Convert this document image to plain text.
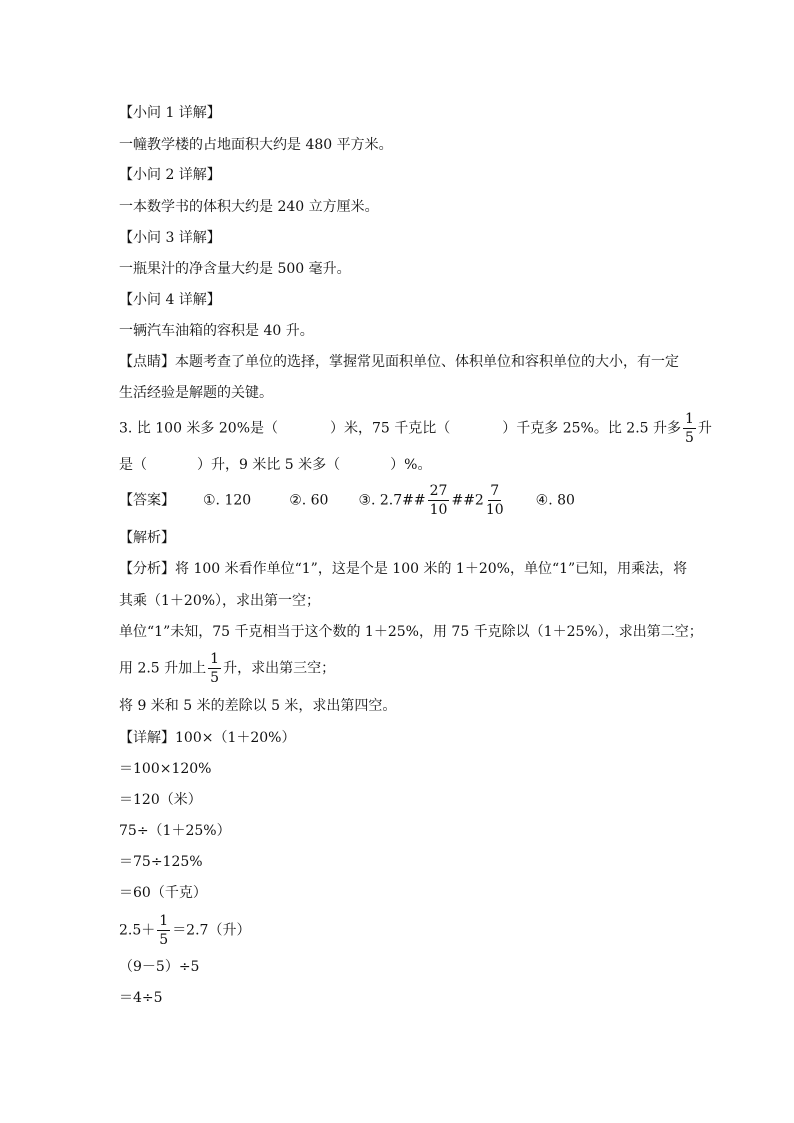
【小问 1 详解】
一幢教学楼的占地面积大约是 480 平方米。
【小问 2 详解】
一本数学书的体积大约是 240 立方厘米。
【小问 3 详解】
一瓶果汁的净含量大约是 500 毫升。
【小问 4 详解】
一辆汽车油箱的容积是 40 升。
【点睛】本题考查了单位的选择，掌握常见面积单位、体积单位和容积单位的大小，有一定
生活经验是解题的关键。
3. 比 100 米多 20%是（	）米，75 千克比（	）千克多 25%。比 2.5 升多 $\frac{1}{5}$ 升
是（	）升，9 米比 5 米多（	）%。
【答案】 ①. 120	②. 60 ③. 2.7## $\frac{27}{10}$ ##2 $\frac{7}{10}$ ④. 80
【解析】
【分析】将 100 米看作单位“1”，这是个是 100 米的 1＋20%，单位“1”已知，用乘法，将
其乘（1＋20%），求出第一空；
单位“1”未知，75 千克相当于这个数的 1＋25%，用 75 千克除以（1＋25%），求出第二空；
用 2.5 升加上 $\frac{1}{5}$ 升，求出第三空；
将 9 米和 5 米的差除以 5 米，求出第四空。
【详解】100×（1＋20%）
＝100×120%
＝120（米）
75÷（1＋25%）
＝75÷125%
＝60（千克）
$2.5+ \frac{1}{5} =2.7$（升）
（9－5）÷5
＝4÷5
